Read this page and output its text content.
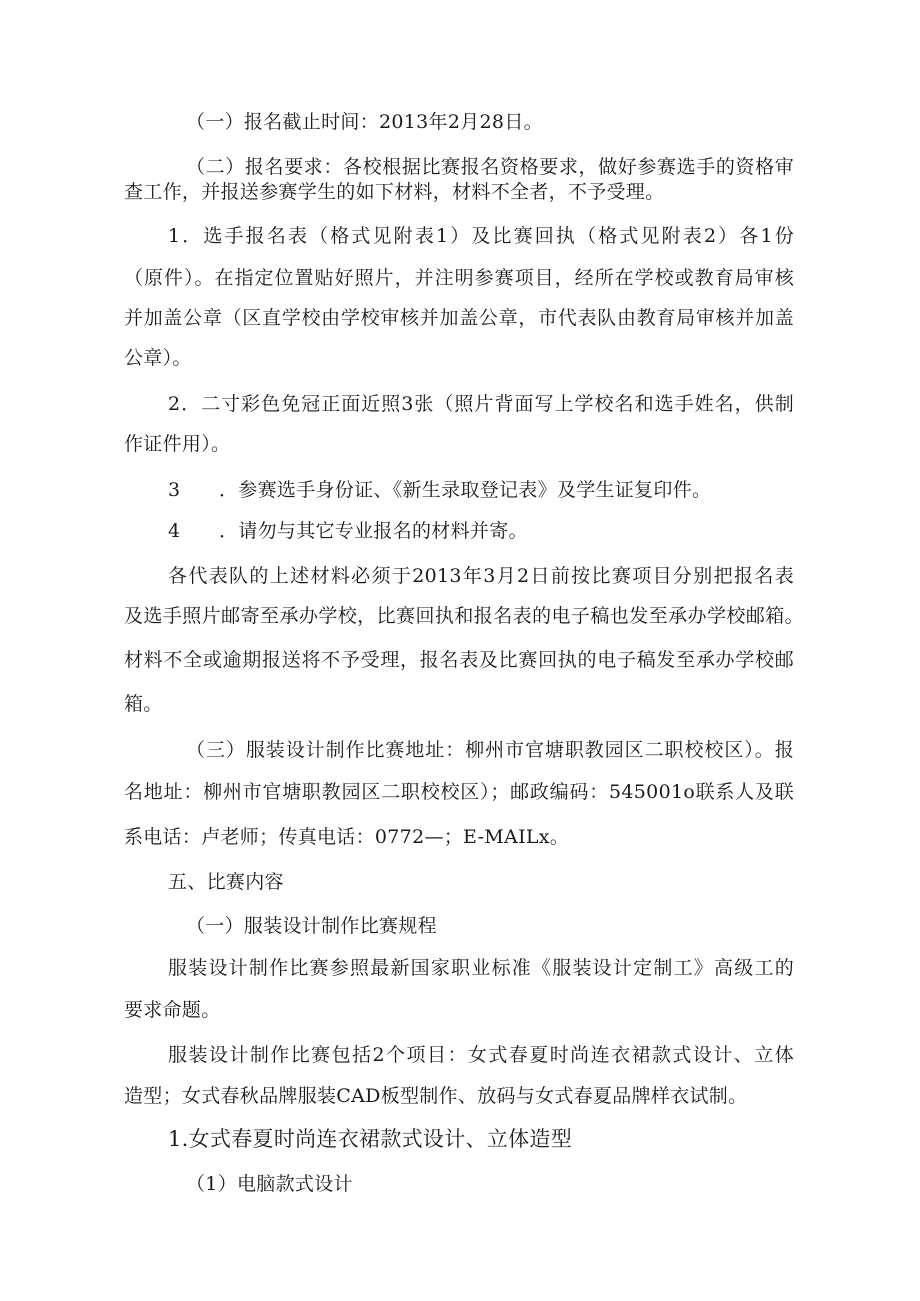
（一）报名截止时间：2013年2月28日。
（二）报名要求：各校根据比赛报名资格要求，做好参赛选手的资格审
查工作，并报送参赛学生的如下材料，材料不全者，不予受理。
1．选手报名表（格式见附表1）及比赛回执（格式见附表2）各1份
（原件）。在指定位置贴好照片，并注明参赛项目，经所在学校或教育局审核
并加盖公章（区直学校由学校审核并加盖公章，市代表队由教育局审核并加盖
公章）。
2．二寸彩色免冠正面近照3张（照片背面写上学校名和选手姓名，供制
作证件用）。
3　　．参赛选手身份证、《新生录取登记表》及学生证复印件。
4　　．请勿与其它专业报名的材料并寄。
各代表队的上述材料必须于2013年3月2日前按比赛项目分别把报名表
及选手照片邮寄至承办学校，比赛回执和报名表的电子稿也发至承办学校邮箱。
材料不全或逾期报送将不予受理，报名表及比赛回执的电子稿发至承办学校邮
箱。
（三）服装设计制作比赛地址：柳州市官塘职教园区二职校校区）。报
名地址：柳州市官塘职教园区二职校校区）；邮政编码：545001o联系人及联
系电话：卢老师；传真电话：0772—；E-MAILx。
五、比赛内容
（一）服装设计制作比赛规程
服装设计制作比赛参照最新国家职业标准《服装设计定制工》高级工的
要求命题。
服装设计制作比赛包括2个项目：女式春夏时尚连衣裙款式设计、立体
造型；女式春秋品牌服装CAD板型制作、放码与女式春夏品牌样衣试制。
1.女式春夏时尚连衣裙款式设计、立体造型
（1）电脑款式设计
